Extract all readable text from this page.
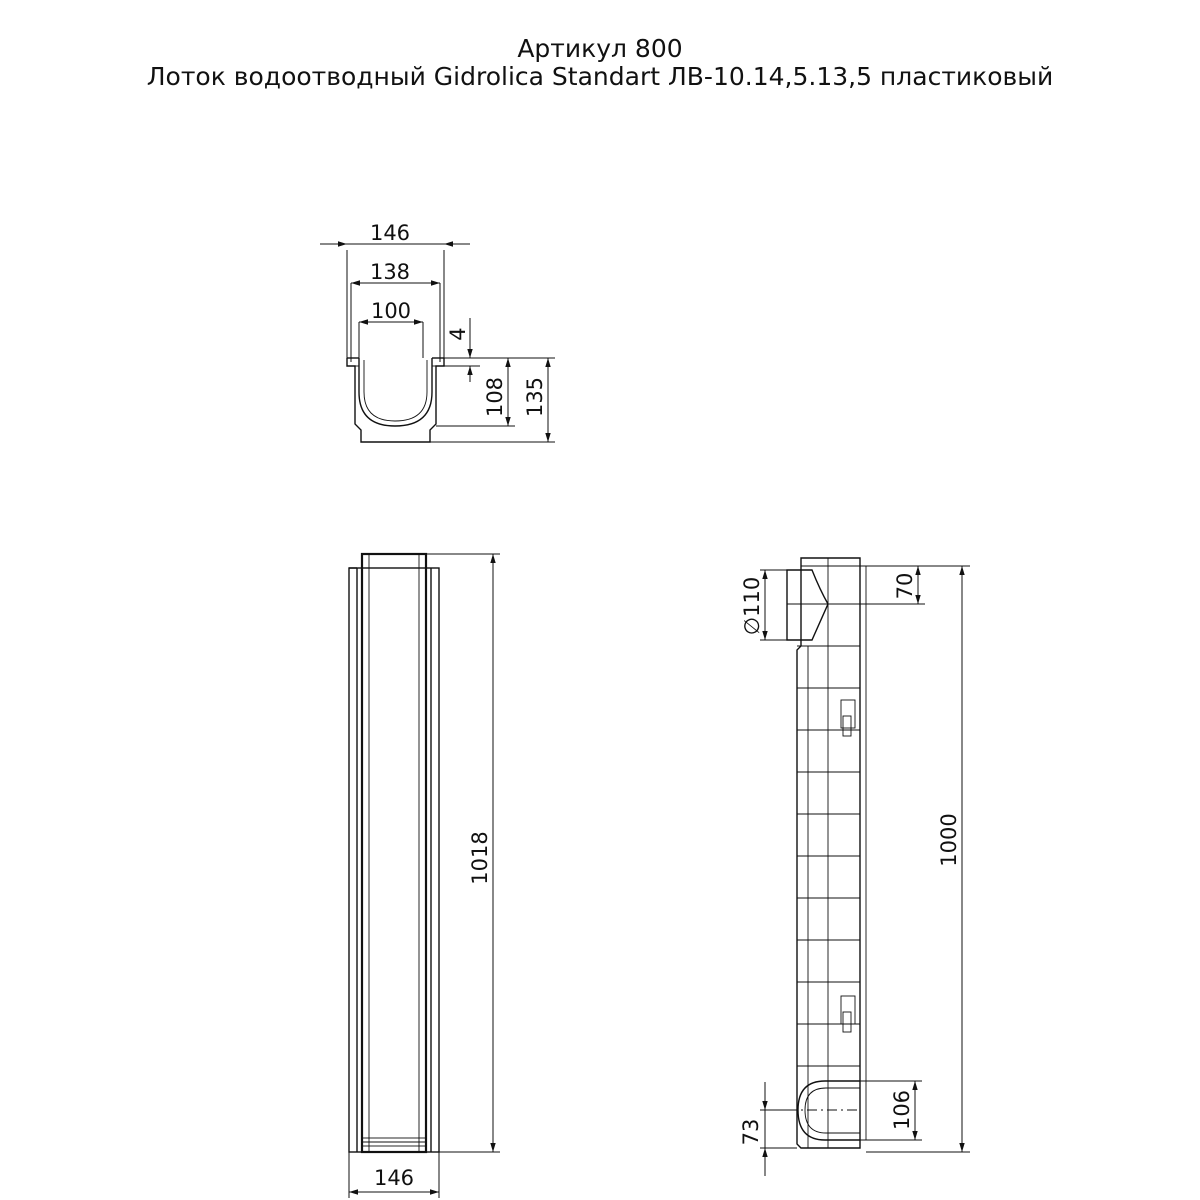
Артикул 800
Лоток водоотводный Gidrolica Standart ЛВ-10.14,5.13,5 пластиковый
146
138
100
4
108 135
1018
146
∅110	70
1000
106
73
